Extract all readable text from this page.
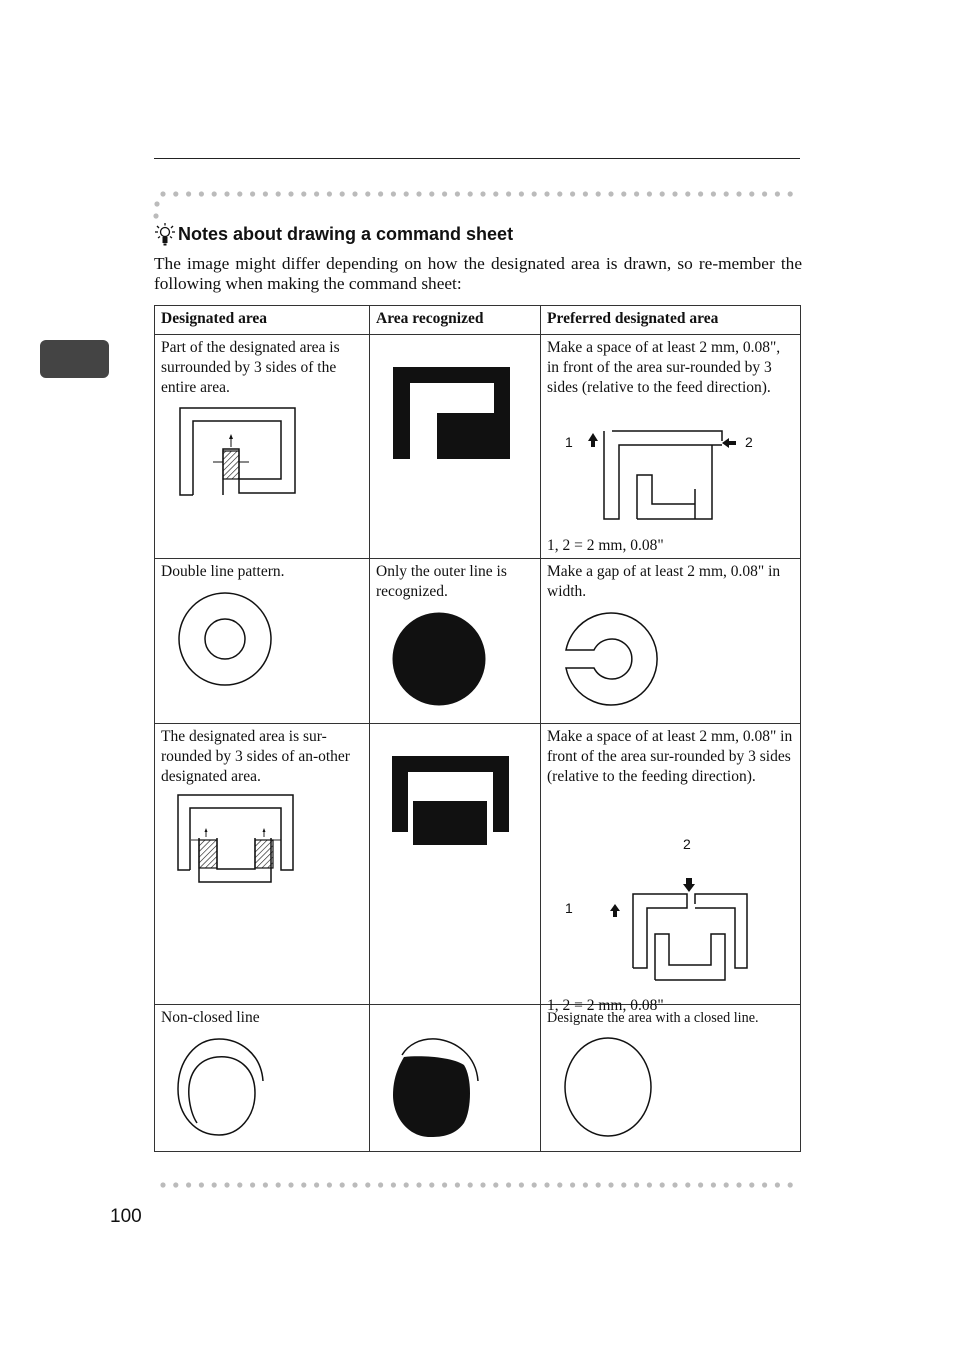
Notes about drawing a command sheet
The image might differ depending on how the designated area is drawn, so re-member the following when making the command sheet:
Designated area	Area recognized	Preferred designated area

Part of the designated area is surrounded by 3 sides of the entire area.		Make a space of at least 2 mm, 0.08", in front of the area sur-rounded by 3 sides (relative to the feed direction).
1 2
1, 2 = 2 mm, 0.08"

Double line pattern.	Only the outer line is recognized.	Make a gap of at least 2 mm, 0.08" in width.

The designated area is sur-rounded by 3 sides of an-other designated area.		Make a space of at least 2 mm, 0.08" in front of the area sur-rounded by 3 sides (relative to the feeding direction).
2
1
1, 2 = 2 mm, 0.08"

Non-closed line		Designate the area with a closed line.
100
